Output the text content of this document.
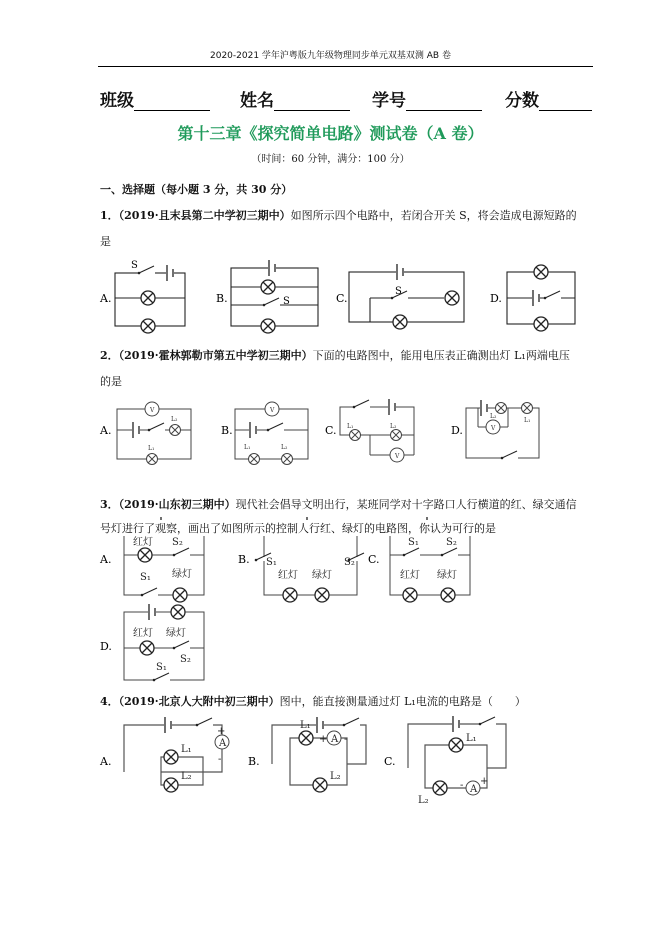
2020-2021 学年沪粤版九年级物理同步单元双基双测 AB 卷
班级	姓名	学号	分数
第十三章《探究简单电路》测试卷（A 卷）
（时间：60 分钟，满分：100 分）
一、选择题（每小题 3 分，共 30 分）
1．（2019·且末县第二中学初三期中）如图所示四个电路中，若闭合开关 S，将会造成电源短路的
是
S
S
S
A.	B.	C.	D.
V	V
V
V
L₂
L₁	L₁	L₂
L₁	L₂
L₂
L₁
A.	B.	C.	D.
红灯 S₂
S₁ 绿灯
S₁	S₂
红灯 绿灯
S₁	S₂
红灯 绿灯
红灯 绿灯
S₂
S₁
A.	B.	C.
D.
A	A
A
L₁
L₂
L₁
L₂
L₁
L₂
+
-
+ -
- +
A.	B.	C.
2．（2019·霍林郭勒市第五中学初三期中）下面的电路图中，能用电压表正确测出灯 L₁两端电压
的是
3．（2019·山东初三期中）现代社会倡导文明出行，某班同学对十字路口人行横道的红、绿交通信
4．（2019·北京人大附中初三期中）图中，能直接测量通过灯 L₁电流的电路是（　　）
号灯进行了观察，画出了如图所示的控制人行红、绿灯的电路图，你认为可行的是
